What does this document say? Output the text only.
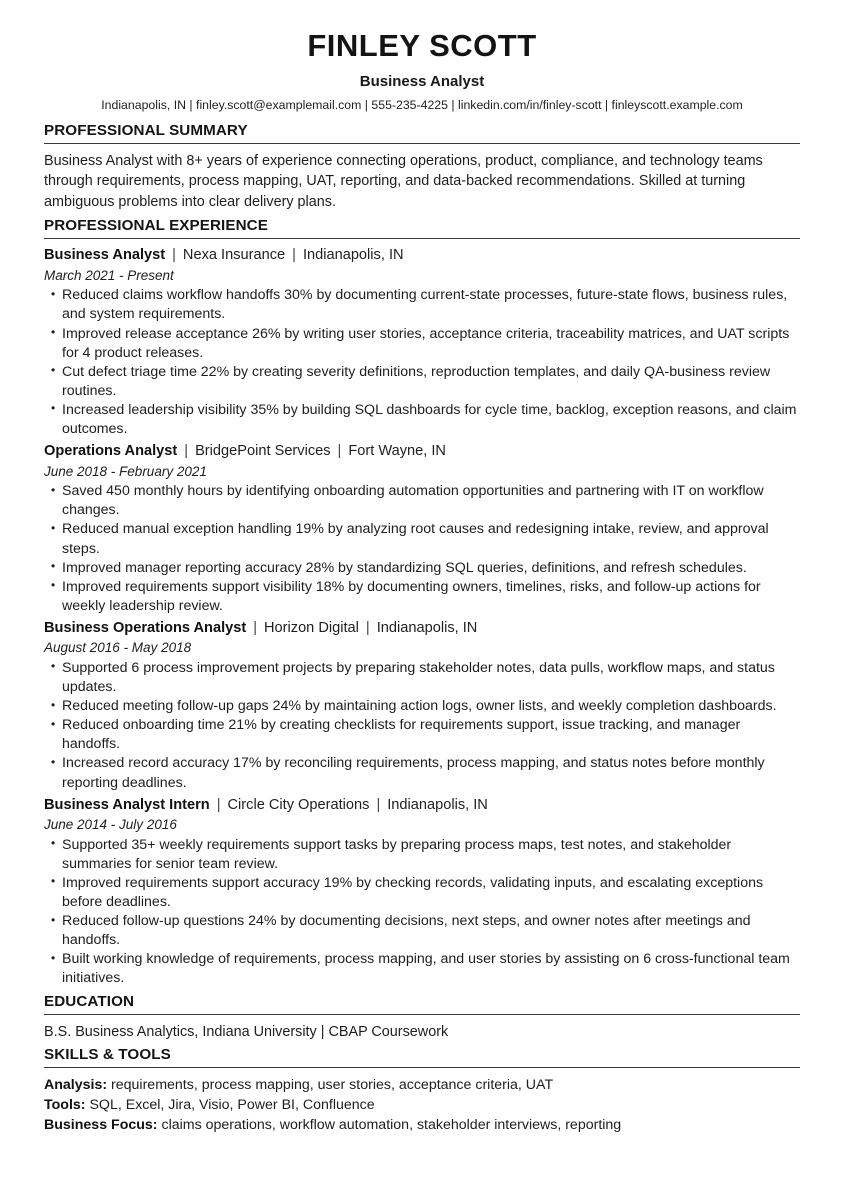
FINLEY SCOTT
Business Analyst
Indianapolis, IN | finley.scott@examplemail.com | 555-235-4225 | linkedin.com/in/finley-scott | finleyscott.example.com
PROFESSIONAL SUMMARY

Business Analyst with 8+ years of experience connecting operations, product, compliance, and technology teams through requirements, process mapping, UAT, reporting, and data-backed recommendations. Skilled at turning ambiguous problems into clear delivery plans.

PROFESSIONAL EXPERIENCE
Business Analyst | Nexa Insurance | Indianapolis, IN
March 2021 - Present
• Reduced claims workflow handoffs 30% by documenting current-state processes, future-state flows, business rules, and system requirements.
• Improved release acceptance 26% by writing user stories, acceptance criteria, traceability matrices, and UAT scripts for 4 product releases.
• Cut defect triage time 22% by creating severity definitions, reproduction templates, and daily QA-business review routines.
• Increased leadership visibility 35% by building SQL dashboards for cycle time, backlog, exception reasons, and claim outcomes.
Operations Analyst | BridgePoint Services | Fort Wayne, IN
June 2018 - February 2021
• Saved 450 monthly hours by identifying onboarding automation opportunities and partnering with IT on workflow changes.
• Reduced manual exception handling 19% by analyzing root causes and redesigning intake, review, and approval steps.
• Improved manager reporting accuracy 28% by standardizing SQL queries, definitions, and refresh schedules.
• Improved requirements support visibility 18% by documenting owners, timelines, risks, and follow-up actions for weekly leadership review.
Business Operations Analyst | Horizon Digital | Indianapolis, IN
August 2016 - May 2018
• Supported 6 process improvement projects by preparing stakeholder notes, data pulls, workflow maps, and status updates.
• Reduced meeting follow-up gaps 24% by maintaining action logs, owner lists, and weekly completion dashboards.
• Reduced onboarding time 21% by creating checklists for requirements support, issue tracking, and manager handoffs.
• Increased record accuracy 17% by reconciling requirements, process mapping, and status notes before monthly reporting deadlines.
Business Analyst Intern | Circle City Operations | Indianapolis, IN
June 2014 - July 2016
• Supported 35+ weekly requirements support tasks by preparing process maps, test notes, and stakeholder summaries for senior team review.
• Improved requirements support accuracy 19% by checking records, validating inputs, and escalating exceptions before deadlines.
• Reduced follow-up questions 24% by documenting decisions, next steps, and owner notes after meetings and handoffs.
• Built working knowledge of requirements, process mapping, and user stories by assisting on 6 cross-functional team initiatives.
EDUCATION
B.S. Business Analytics, Indiana University | CBAP Coursework
SKILLS & TOOLS
Analysis: requirements, process mapping, user stories, acceptance criteria, UAT
Tools: SQL, Excel, Jira, Visio, Power BI, Confluence
Business Focus: claims operations, workflow automation, stakeholder interviews, reporting
